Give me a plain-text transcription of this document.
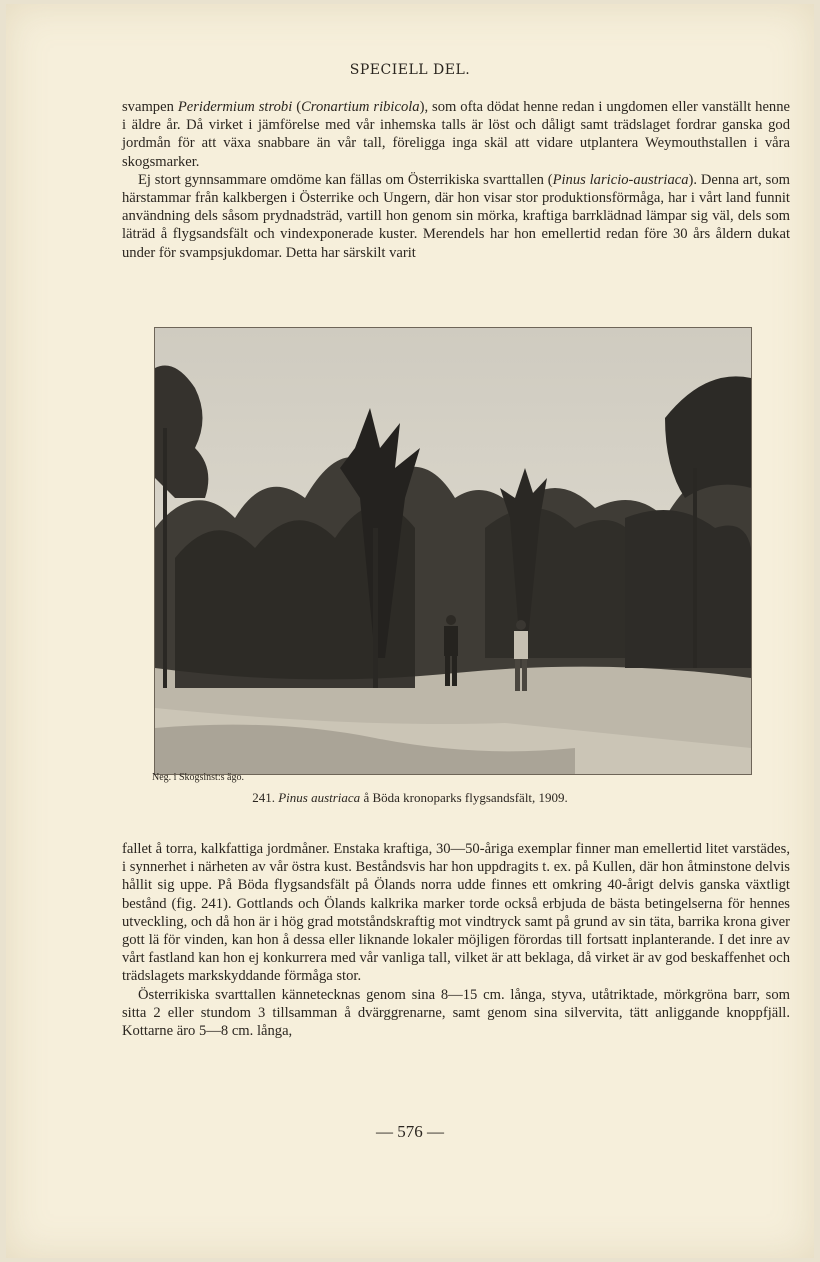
SPECIELL DEL.

svampen Peridermium strobi (Cronartium ribicola), som ofta dödat henne redan i ungdomen eller vanställt henne i äldre år. Då virket i jämförelse med vår inhemska talls är löst och dåligt samt trädslaget fordrar ganska god jordmån för att växa snabbare än vår tall, föreligga inga skäl att vidare utplantera Weymouthstallen i våra skogsmarker.

Ej stort gynnsammare omdöme kan fällas om Österrikiska svarttallen (Pinus laricio-austriaca). Denna art, som härstammar från kalkbergen i Österrike och Ungern, där hon visar stor produktionsförmåga, har i vårt land funnit användning dels såsom prydnadsträd, vartill hon genom sin mörka, kraftiga barrklädnad lämpar sig väl, dels som läträd å flygsandsfält och vindexponerade kuster. Merendels har hon emellertid redan före 30 års åldern dukat under för svampsjukdomar. Detta har särskilt varit

Neg. i Skogsinst:s ägo.
241. Pinus austriaca å Böda kronoparks flygsandsfält, 1909.

fallet å torra, kalkfattiga jordmåner. Enstaka kraftiga, 30—50-åriga exemplar finner man emellertid litet varstädes, i synnerhet i närheten av vår östra kust. Beståndsvis har hon uppdragits t. ex. på Kullen, där hon åtminstone delvis hållit sig uppe. På Böda flygsandsfält på Ölands norra udde finnes ett omkring 40-årigt delvis ganska växtligt bestånd (fig. 241). Gottlands och Ölands kalkrika marker torde också erbjuda de bästa betingelserna för hennes utveckling, och då hon är i hög grad motståndskraftig mot vindtryck samt på grund av sin täta, barrika krona giver gott lä för vinden, kan hon å dessa eller liknande lokaler möjligen förordas till fortsatt inplanterande. I det inre av vårt fastland kan hon ej konkurrera med vår vanliga tall, vilket är att beklaga, då virket är av god beskaffenhet och trädslagets markskyddande förmåga stor.

Österrikiska svarttallen kännetecknas genom sina 8—15 cm. långa, styva, utåtriktade, mörkgröna barr, som sitta 2 eller stundom 3 tillsamman å dvärggrenarne, samt genom sina silvervita, tätt anliggande knoppfjäll. Kottarne äro 5—8 cm. långa,

— 576 —
